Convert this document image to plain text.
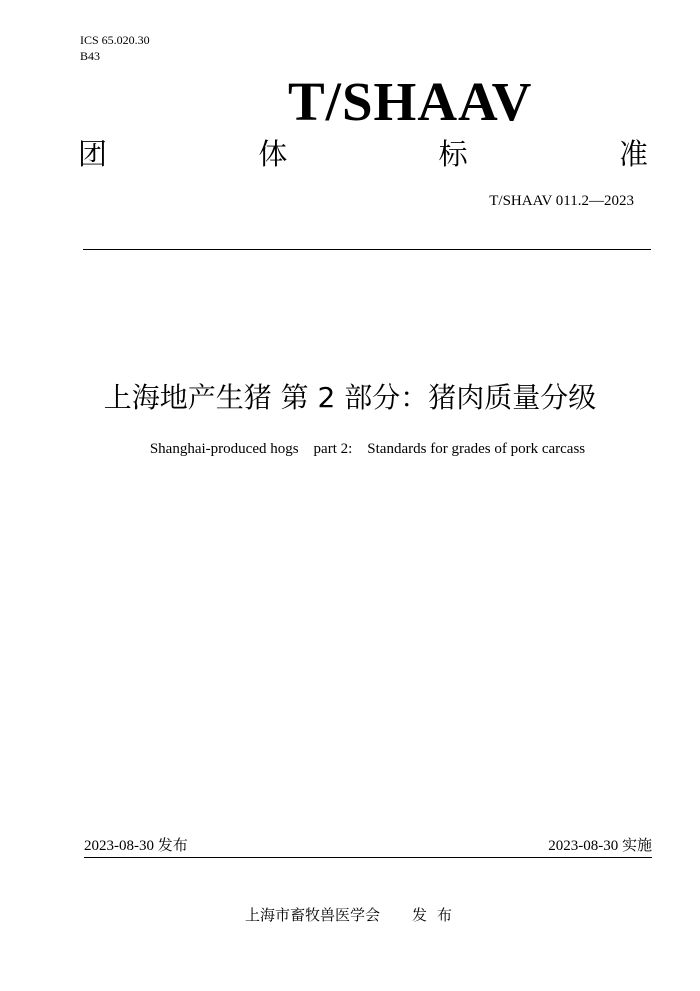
ICS 65.020.30
B43
T/SHAAV
团	体	标	准
T/SHAAV 011.2—2023
上海地产生猪 第 2 部分：猪肉质量分级
Shanghai-produced hogs    part 2:    Standards for grades of pork carcass
2023-08-30 发布	2023-08-30 实施
上海市畜牧兽医学会 发布
